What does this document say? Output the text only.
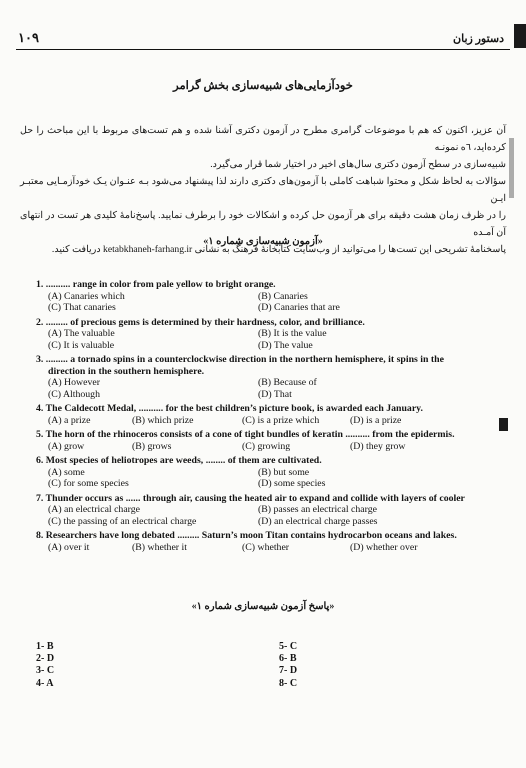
۱۰۹	دستور زبان
خودآزمایی‌های شبیه‌سازی بخش گرامر

آن عزیز، اکنون که هم با موضوعات گرامری مطرح در آزمون دکتری آشنا شده و هم تست‌های مربوط با این مباحث را حل کرده‌اید، ٦ه نمونـه

شبیه‌سازی در سطح آزمون دکتری سال‌های اخیر در اختیار شما قرار می‌گیرد.

سؤالات به لحاظ شکل و محتوا شباهت کاملی با آزمون‌های دکتری دارند لذا پیشنهاد می‌شود بـه عنـوان یـک خودآزمـایی معتبـر ایـن

را در ظرف زمان هشت دقیقه برای هر آزمون حل کرده و اشکالات خود را برطرف نمایید. پاسخ‌نامهٔ کلیدی هر تست در انتهای آن آمـده

پاسخنامهٔ تشریحی این تست‌ها را می‌توانید از وب‌سایت کتابخانهٔ فرهنگ به نشانی ketabkhaneh-farhang.ir دریافت کنید.

«آزمون شبیه‌سازی شماره ۱»
1. .......... range in color from pale yellow to bright orange.
(A) Canaries which	(B) Canaries
(C) That canaries	(D) Canaries that are
2. ......... of precious gems is determined by their hardness, color, and brilliance.
(A) The valuable	(B) It is the value
(C) It is valuable	(D) The value
3. ......... a tornado spins in a counterclockwise direction in the northern hemisphere, it spins in the
direction in the southern hemisphere.
(A) However	(B) Because of
(C) Although	(D) That
4. The Caldecott Medal, .......... for the best children’s picture book, is awarded each January.
(A) a prize	(B) which prize	(C) is a prize which	(D) is a prize
5. The horn of the rhinoceros consists of a cone of tight bundles of keratin .......... from the epidermis.
(A) grow	(B) grows	(C) growing	(D) they grow
6. Most species of heliotropes are weeds, ........ of them are cultivated.
(A) some	(B) but some
(C) for some species	(D) some species
7. Thunder occurs as ...... through air, causing the heated air to expand and collide with layers of cooler
(A) an electrical charge	(B) passes an electrical charge
(C) the passing of an electrical charge	(D) an electrical charge passes
8. Researchers have long debated ......... Saturn’s moon Titan contains hydrocarbon oceans and lakes.
(A) over it	(B) whether it	(C) whether	(D) whether over
«پاسخ آزمون شبیه‌سازی شماره ۱»
1- B
2- D
3- C
4- A
5- C
6- B
7- D
8- C
